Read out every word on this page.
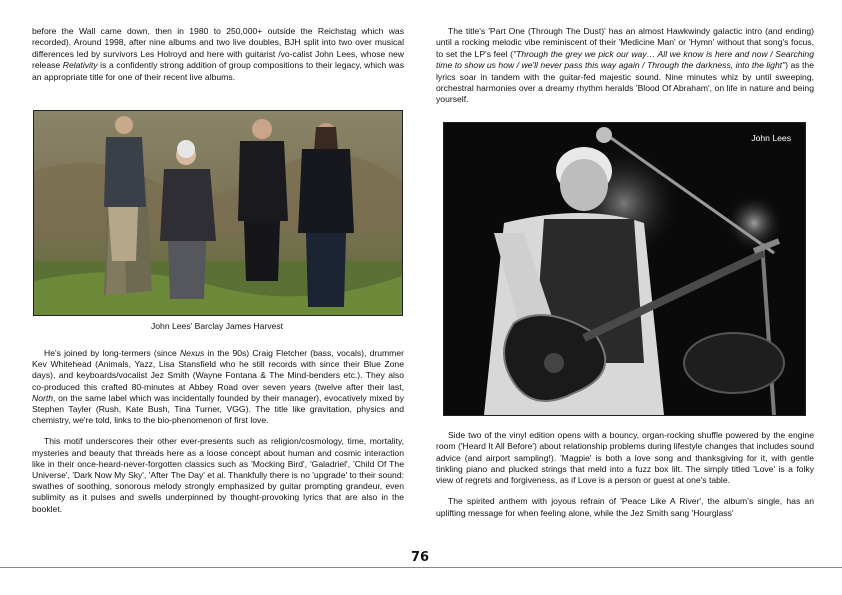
before the Wall came down, then in 1980 to 250,000+ outside the Reichstag which was recorded). Around 1998, after nine albums and two live doubles, BJH split into two over musical differences led by survivors Les Holroyd and here with guitarist /vo-calist John Lees, whose new release Relativity is a confidently strong addition of group compositions to their legacy, which was an appropriate title for one of their recent live albums.

John Lees' Barclay James Harvest

He's joined by long-termers (since Nexus in the 90s) Craig Fletcher (bass, vocals), drummer Kev Whitehead (Animals, Yazz, Lisa Stansfield who he still records with since their Blue Zone days), and keyboards/vocalist Jez Smith (Wayne Fontana & The Mind-benders etc.). They also co-produced this crafted 80-minutes at Abbey Road over seven years (twelve after their last, North, on the same label which was incidentally founded by their manager), evocatively mixed by Stephen Tayler (Rush, Kate Bush, Tina Turner, VGG). The title like gravitation, physics and chemistry, we're told, links to the bio-phenomenon of first love.

This motif underscores their other ever-presents such as religion/cosmology, time, mortality, mysteries and beauty that threads here as a loose concept about human and cosmic interaction like in their once-heard-never-forgotten classics such as 'Mocking Bird', 'Galadriel', 'Child Of The Universe', 'Dark Now My Sky', 'After The Day' et al. Thankfully there is no 'upgrade' to their sound: swathes of soothing, sonorous melody strongly emphasized by guitar prompting grandeur, even sublimity as it pulses and swells underpinned by thought-provoking lyrics that are also in the booklet.

The title's 'Part One (Through The Dust)' has an almost Hawkwindy galactic intro (and ending) until a rocking melodic vibe reminiscent of their 'Medicine Man' or 'Hymn' without that song's focus, to set the LP's feel ("Through the grey we pick our way… All we know is here and now / Searching time to show us how / we'll never pass this way again / Through the darkness, into the light") as the lyrics soar in tandem with the guitar-fed majestic sound. Nine minutes whiz by until sweeping, orchestral harmonies over a dreamy rhythm heralds 'Blood Of Abraham', on life in nature and being yourself.

John Lees

Side two of the vinyl edition opens with a bouncy, organ-rocking shuffle powered by the engine room ('Heard It All Before') about relationship problems during lifestyle changes that includes sound advice (and airport sampling!). 'Magpie' is both a love song and thanksgiving for it, with gentle tinkling piano and plucked strings that meld into a fuzz box lilt. The simply titled 'Love' is a folky view of regrets and forgiveness, as if Love is a person or guest at one's table.

The spirited anthem with joyous refrain of 'Peace Like A River', the album's single, has an uplifting message for when feeling alone, while the Jez Smith sang 'Hourglass'

76
